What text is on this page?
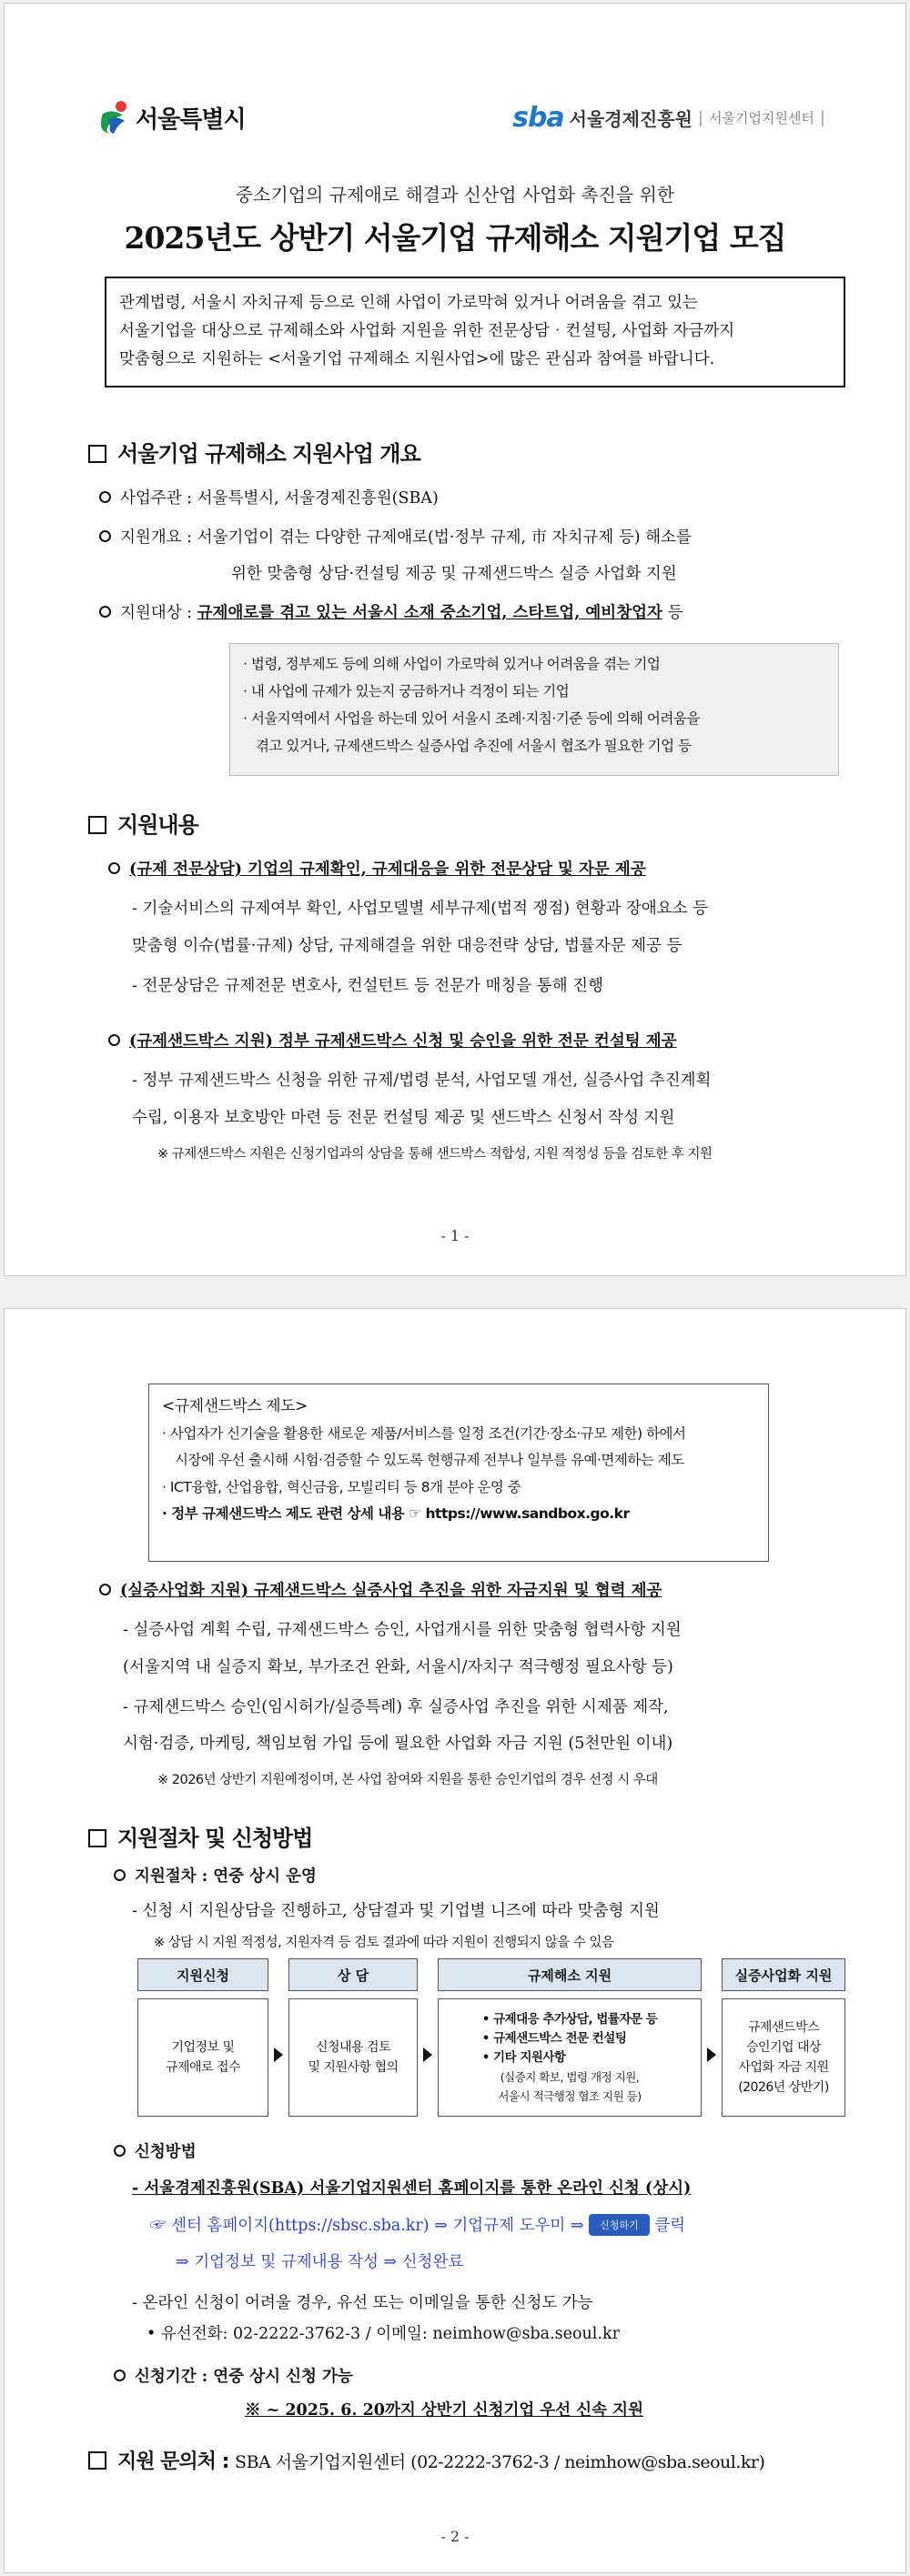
서울특별시	sba 서울경제진흥원 | 서울기업지원센터 |
중소기업의 규제애로 해결과 신산업 사업화 촉진을 위한
2025년도 상반기 서울기업 규제해소 지원기업 모집
관계법령, 서울시 자치규제 등으로 인해 사업이 가로막혀 있거나 어려움을 겪고 있는
서울기업을 대상으로 규제해소와 사업화 지원을 위한 전문상담‧컨설팅, 사업화 자금까지
맞춤형으로 지원하는 <서울기업 규제해소 지원사업>에 많은 관심과 참여를 바랍니다.
서울기업 규제해소 지원사업 개요
사업주관 : 서울특별시, 서울경제진흥원(SBA)
지원개요 : 서울기업이 겪는 다양한 규제애로(법·정부 규제, 市 자치규제 등) 해소를
위한 맞춤형 상담·컨설팅 제공 및 규제샌드박스 실증 사업화 지원
지원대상 : 규제애로를 겪고 있는 서울시 소재 중소기업, 스타트업, 예비창업자 등
· 법령, 정부제도 등에 의해 사업이 가로막혀 있거나 어려움을 겪는 기업
· 내 사업에 규제가 있는지 궁금하거나 걱정이 되는 기업
· 서울지역에서 사업을 하는데 있어 서울시 조례·지침·기준 등에 의해 어려움을
겪고 있거나, 규제샌드박스 실증사업 추진에 서울시 협조가 필요한 기업 등
지원내용
(규제 전문상담) 기업의 규제확인, 규제대응을 위한 전문상담 및 자문 제공
- 기술서비스의 규제여부 확인, 사업모델별 세부규제(법적 쟁점) 현황과 장애요소 등
맞춤형 이슈(법률·규제) 상담, 규제해결을 위한 대응전략 상담, 법률자문 제공 등
- 전문상담은 규제전문 변호사, 컨설턴트 등 전문가 매칭을 통해 진행
(규제샌드박스 지원) 정부 규제샌드박스 신청 및 승인을 위한 전문 컨설팅 제공
- 정부 규제샌드박스 신청을 위한 규제/법령 분석, 사업모델 개선, 실증사업 추진계획
수립, 이용자 보호방안 마련 등 전문 컨설팅 제공 및 샌드박스 신청서 작성 지원
※ 규제샌드박스 지원은 신청기업과의 상담을 통해 샌드박스 적합성, 지원 적정성 등을 검토한 후 지원
- 1 -
<규제샌드박스 제도>
· 사업자가 신기술을 활용한 새로운 제품/서비스를 일정 조건(기간·장소·규모 제한) 하에서
시장에 우선 출시해 시험·검증할 수 있도록 현행규제 전부나 일부를 유예·면제하는 제도
· ICT융합, 산업융합, 혁신금융, 모빌리티 등 8개 분야 운영 중
· 정부 규제샌드박스 제도 관련 상세 내용 ☞ https://www.sandbox.go.kr
(실증사업화 지원) 규제샌드박스 실증사업 추진을 위한 자금지원 및 협력 제공
- 실증사업 계획 수립, 규제샌드박스 승인, 사업개시를 위한 맞춤형 협력사항 지원
(서울지역 내 실증지 확보, 부가조건 완화, 서울시/자치구 적극행정 필요사항 등)
- 규제샌드박스 승인(임시허가/실증특례) 후 실증사업 추진을 위한 시제품 제작,
시험·검증, 마케팅, 책임보험 가입 등에 필요한 사업화 자금 지원 (5천만원 이내)
※ 2026년 상반기 지원예정이며, 본 사업 참여와 지원을 통한 승인기업의 경우 선정 시 우대
지원절차 및 신청방법
지원절차 : 연중 상시 운영
- 신청 시 지원상담을 진행하고, 상담결과 및 기업별 니즈에 따라 맞춤형 지원
※ 상담 시 지원 적정성, 지원자격 등 검토 결과에 따라 지원이 진행되지 않을 수 있음
지원신청
기업정보 및
규제애로 접수
상 담
신청내용 검토
및 지원사항 협의
규제해소 지원
• 규제대응 추가상담, 법률자문 등
• 규제샌드박스 전문 컨설팅
• 기타 지원사항
(실증지 확보, 법령 개정 지원,
서울시 적극행정 협조 지원 등)
실증사업화 지원
규제샌드박스
승인기업 대상
사업화 자금 지원
(2026년 상반기)
신청방법
- 서울경제진흥원(SBA) 서울기업지원센터 홈페이지를 통한 온라인 신청 (상시)
☞ 센터 홈페이지(https://sbsc.sba.kr) ⇒ 기업규제 도우미 ⇒ 신청하기 클릭
⇒ 기업정보 및 규제내용 작성 ⇒ 신청완료
- 온라인 신청이 어려울 경우, 유선 또는 이메일을 통한 신청도 가능
• 유선전화: 02-2222-3762-3 / 이메일: neimhow@sba.seoul.kr
신청기간 : 연중 상시 신청 가능
※ ~ 2025. 6. 20까지 상반기 신청기업 우선 신속 지원
지원 문의처 : SBA 서울기업지원센터 (02-2222-3762-3 / neimhow@sba.seoul.kr)
- 2 -
